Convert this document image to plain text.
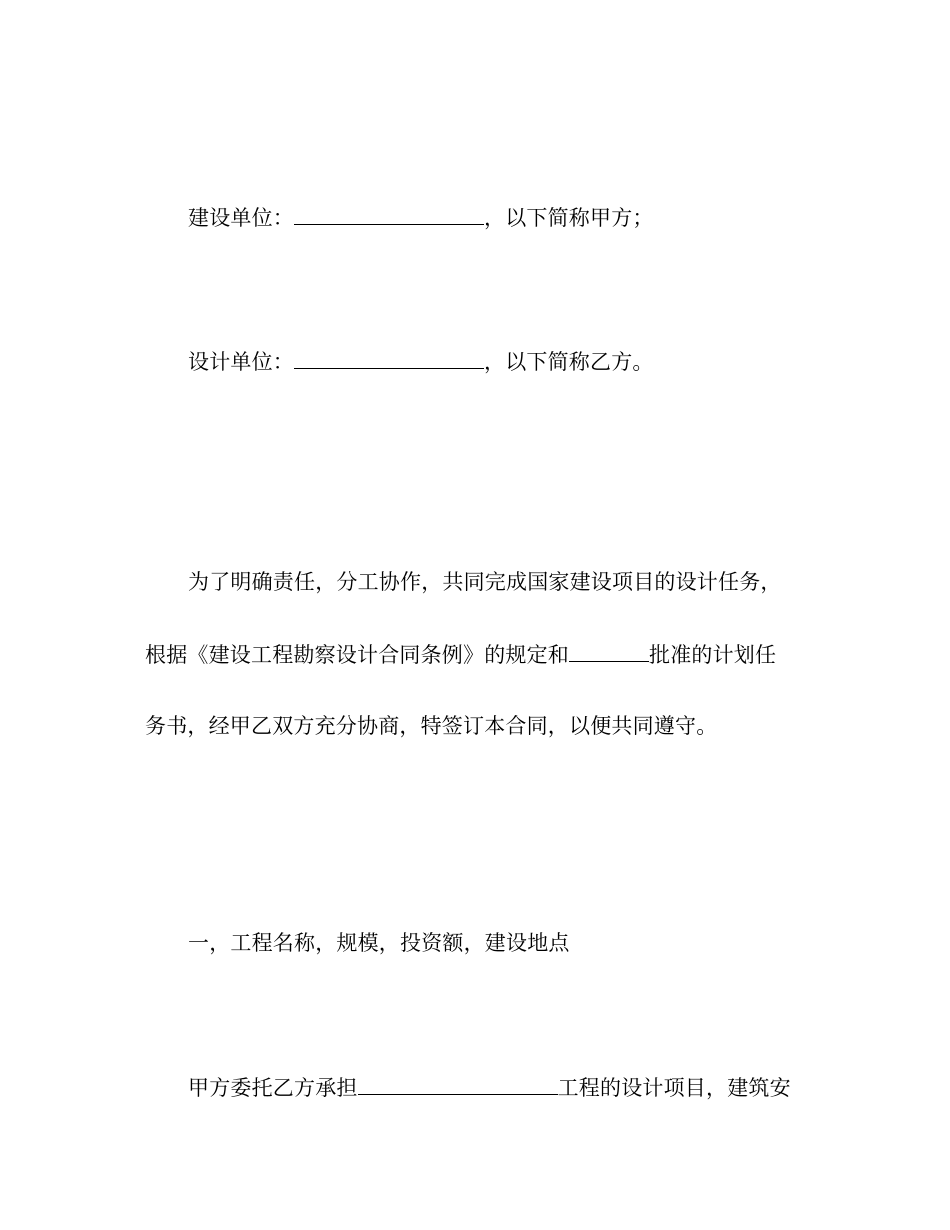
建设单位：	，以下简称甲方；
设计单位：	，以下简称乙方。
为了明确责任，分工协作，共同完成国家建设项目的设计任务，
根据《建设工程勘察设计合同条例》的规定和	批准的计划任
务书，经甲乙双方充分协商，特签订本合同，以便共同遵守。
一，工程名称，规模，投资额，建设地点
甲方委托乙方承担	工程的设计项目，建筑安
